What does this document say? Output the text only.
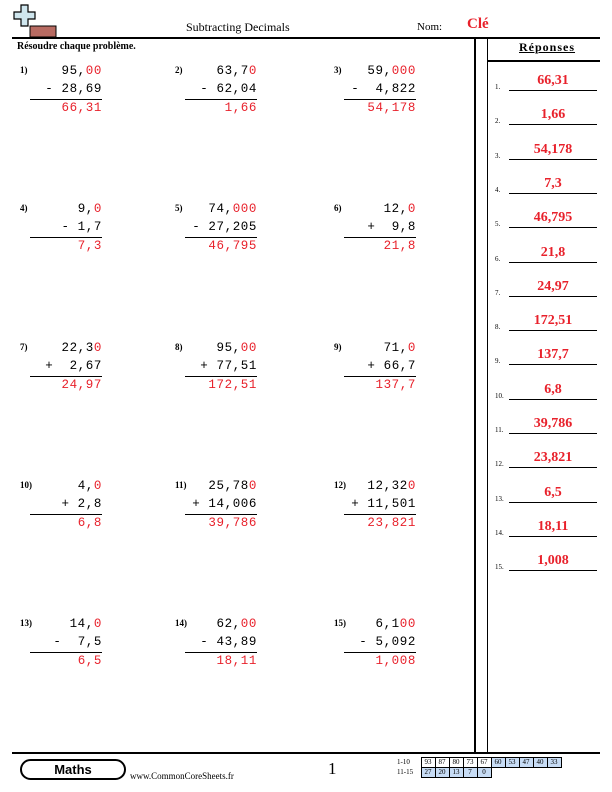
Subtracting Decimals	Nom: Clé
Résoudre chaque problème.	Réponses
1.	66,31
2.	1,66
3.	54,178
4.	7,3
5.	46,795
6.	21,8
7.	24,97
8.	172,51
9.	137,7
10.	6,8
11.	39,786
12.	23,821
13.	6,5
14.	18,11
15.	1,008
1)	95,00
- 28,69
66,31
2)	63,70
- 62,04
1,66
3)	59,000
-  4,822
54,178
4)	9,0
- 1,7
7,3
5)	74,000
- 27,205
46,795
6)	12,0
+  9,8
21,8
7)	22,30
+  2,67
24,97
8)	95,00
+ 77,51
172,51
9)	71,0
+ 66,7
137,7
10)	4,0
+ 2,8
6,8
11)	25,780
+ 14,006
39,786
12)	12,320
+ 11,501
23,821
13)	14,0
-  7,5
6,5
14)	62,00
- 43,89
18,11
15)	6,100
- 5,092
1,008
Maths	www.CommonCoreSheets.fr	1	1-10	93	87	80	73	67	60	53	47	40	33
11-15	27	20	13	7	0					
